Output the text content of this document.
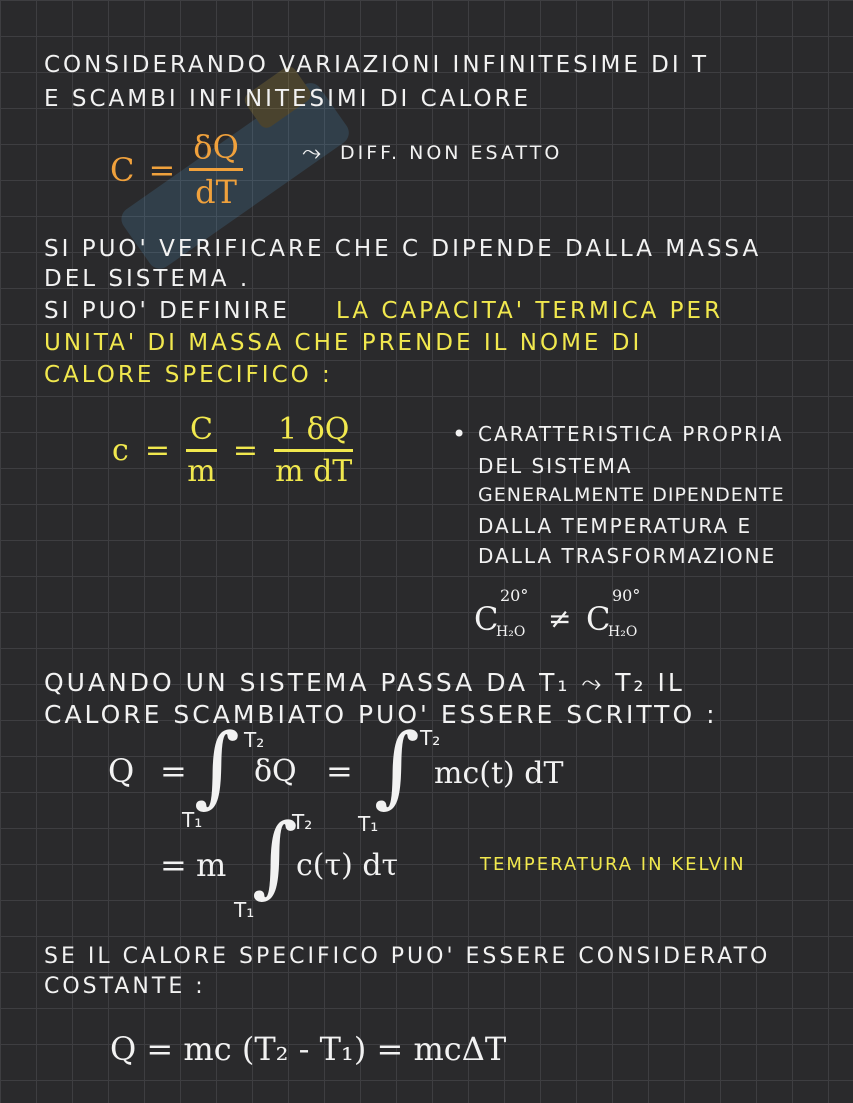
CONSIDERANDO VARIAZIONI INFINITESIME DI T
E SCAMBI INFINITESIMI DI CALORE
$C = \frac{\delta Q}{dT}$ ⤳ DIFF. NON ESATTO
SI PUO' VERIFICARE CHE C DIPENDE DALLA MASSA
DEL SISTEMA .
SI PUO' DEFINIRE LA CAPACITA' TERMICA PER
UNITA' DI MASSA CHE PRENDE IL NOME DI
CALORE SPECIFICO :
$c = \frac{C}{m} = \frac{1 \delta Q}{\text{m dT}}$	• CARATTERISTICA PROPRIA
DEL SISTEMA
GENERALMENTE DIPENDENTE
DALLA TEMPERATURA E
DALLA TRASFORMAZIONE
C
20°
H₂O ≠ C
90°
H₂O
QUANDO UN SISTEMA PASSA DA T₁ ⤳ T₂ IL
CALORE SCAMBIATO PUO' ESSERE SCRITTO :
Q = ∫ T₂
T₁
δQ = ∫ T₂
T₁
mc(t) dT
= m ∫
T₂
T₁
c(τ) dτ	TEMPERATURA IN KELVIN
SE IL CALORE SPECIFICO PUO' ESSERE CONSIDERATO
COSTANTE :
Q = mc (T₂ - T₁) = mcΔT
